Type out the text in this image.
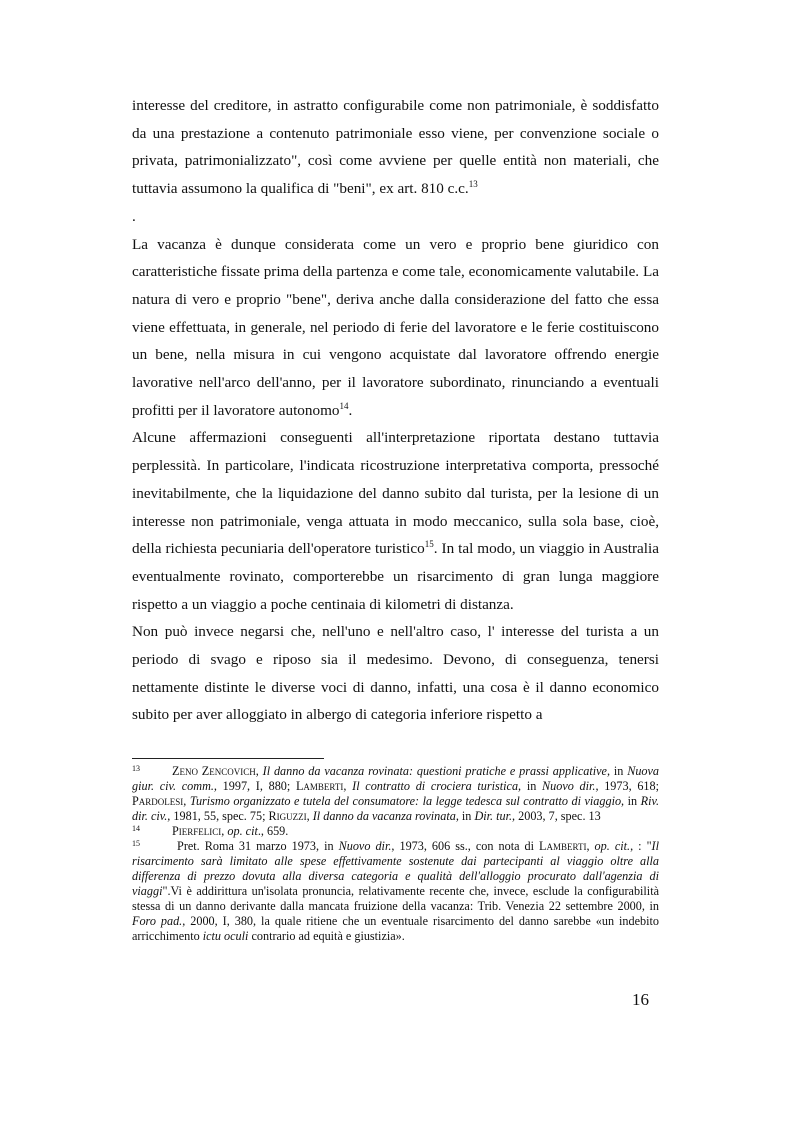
interesse del creditore, in astratto configurabile come non patrimoniale, è soddisfatto da una prestazione a contenuto patrimoniale esso viene, per convenzione sociale o privata, patrimonializzato", così come avviene per quelle entità non materiali, che tuttavia assumono la qualifica di "beni", ex art. 810 c.c.$^{13}$

.

La vacanza è dunque considerata come un vero e proprio bene giuridico con caratteristiche fissate prima della partenza e come tale, economicamente valutabile. La natura di vero e proprio "bene", deriva anche dalla considerazione del fatto che essa viene effettuata, in generale, nel periodo di ferie del lavoratore e le ferie costituiscono un bene, nella misura in cui vengono acquistate dal lavoratore offrendo energie lavorative nell'arco dell'anno, per il lavoratore subordinato, rinunciando a eventuali profitti per il lavoratore autonomo$^{14}$.

Alcune affermazioni conseguenti all'interpretazione riportata destano tuttavia perplessità. In particolare, l'indicata ricostruzione interpretativa comporta, pressoché inevitabilmente, che la liquidazione del danno subito dal turista, per la lesione di un interesse non patrimoniale, venga attuata in modo meccanico, sulla sola base, cioè, della richiesta pecuniaria dell'operatore turistico$^{15}$. In tal modo, un viaggio in Australia eventualmente rovinato, comporterebbe un risarcimento di gran lunga maggiore rispetto a un viaggio a poche centinaia di kilometri di distanza.

Non può invece negarsi che, nell'uno e nell'altro caso, l' interesse del turista a un periodo di svago e riposo sia il medesimo. Devono, di conseguenza, tenersi nettamente distinte le diverse voci di danno, infatti, una cosa è il danno economico subito per aver alloggiato in albergo di categoria inferiore rispetto a

13	Zeno Zencovich, Il danno da vacanza rovinata: questioni pratiche e prassi applicative, in Nuova giur. civ. comm., 1997, I, 880; Lamberti, Il contratto di crociera turistica, in Nuovo dir., 1973, 618; Pardolesi, Turismo organizzato e tutela del consumatore: la legge tedesca sul contratto di viaggio, in Riv. dir. civ., 1981, 55, spec. 75; Riguzzi, Il danno da vacanza rovinata, in Dir. tur., 2003, 7, spec. 13

14	Pierfelici, op. cit., 659.

15	Pret. Roma 31 marzo 1973, in Nuovo dir., 1973, 606 ss., con nota di Lamberti, op. cit., : "Il risarcimento sarà limitato alle spese effettivamente sostenute dai partecipanti al viaggio oltre alla differenza di prezzo dovuta alla diversa categoria e qualità dell'alloggio procurato dall'agenzia di viaggi".Vi è addirittura un'isolata pronuncia, relativamente recente che, invece, esclude la configurabilità stessa di un danno derivante dalla mancata fruizione della vacanza: Trib. Venezia 22 settembre 2000, in Foro pad., 2000, I, 380, la quale ritiene che un eventuale risarcimento del danno sarebbe «un indebito arricchimento ictu oculi contrario ad equità e giustizia».

16
